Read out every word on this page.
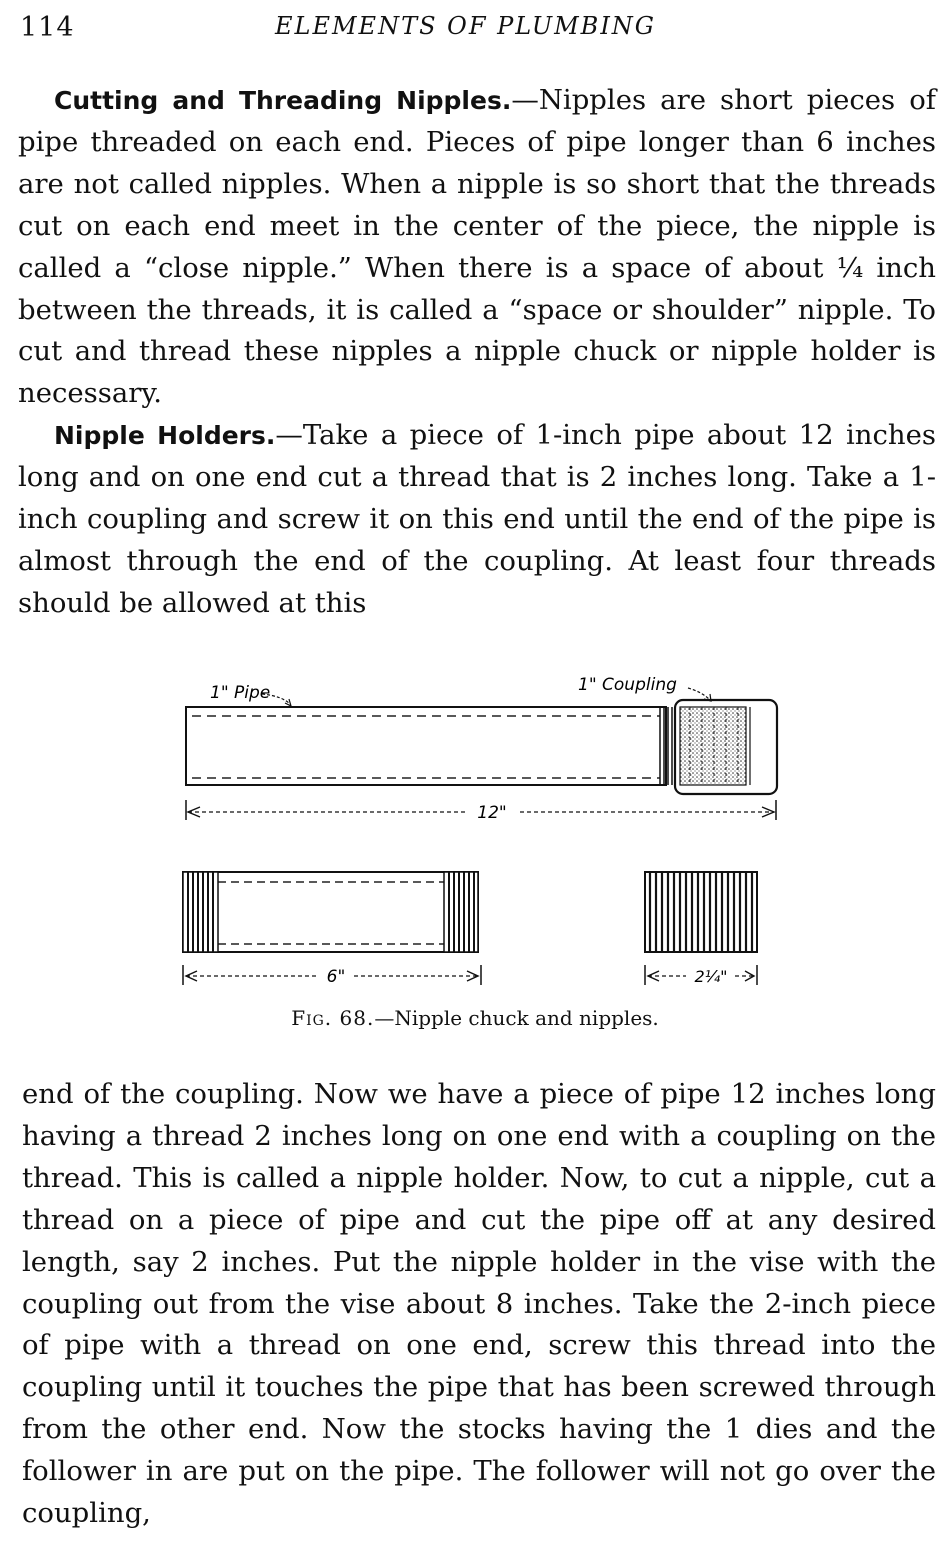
114	ELEMENTS OF PLUMBING

Cutting and Threading Nipples.—Nipples are short pieces of pipe threaded on each end. Pieces of pipe longer than 6 inches are not called nipples. When a nipple is so short that the threads cut on each end meet in the center of the piece, the nipple is called a “close nipple.” When there is a space of about ¼ inch between the threads, it is called a “space or shoulder” nipple. To cut and thread these nipples a nipple chuck or nipple holder is necessary.

Nipple Holders.—Take a piece of 1-inch pipe about 12 inches long and on one end cut a thread that is 2 inches long. Take a 1-inch coupling and screw it on this end until the end of the pipe is almost through the end of the coupling. At least four threads should be allowed at this

1" Pipe	1" Coupling
12"
6"	2¼"
Fig. 68.—Nipple chuck and nipples.

end of the coupling. Now we have a piece of pipe 12 inches long having a thread 2 inches long on one end with a coupling on the thread. This is called a nipple holder. Now, to cut a nipple, cut a thread on a piece of pipe and cut the pipe off at any desired length, say 2 inches. Put the nipple holder in the vise with the coupling out from the vise about 8 inches. Take the 2-inch piece of pipe with a thread on one end, screw this thread into the coupling until it touches the pipe that has been screwed through from the other end. Now the stocks having the 1 dies and the follower in are put on the pipe. The follower will not go over the coupling,
